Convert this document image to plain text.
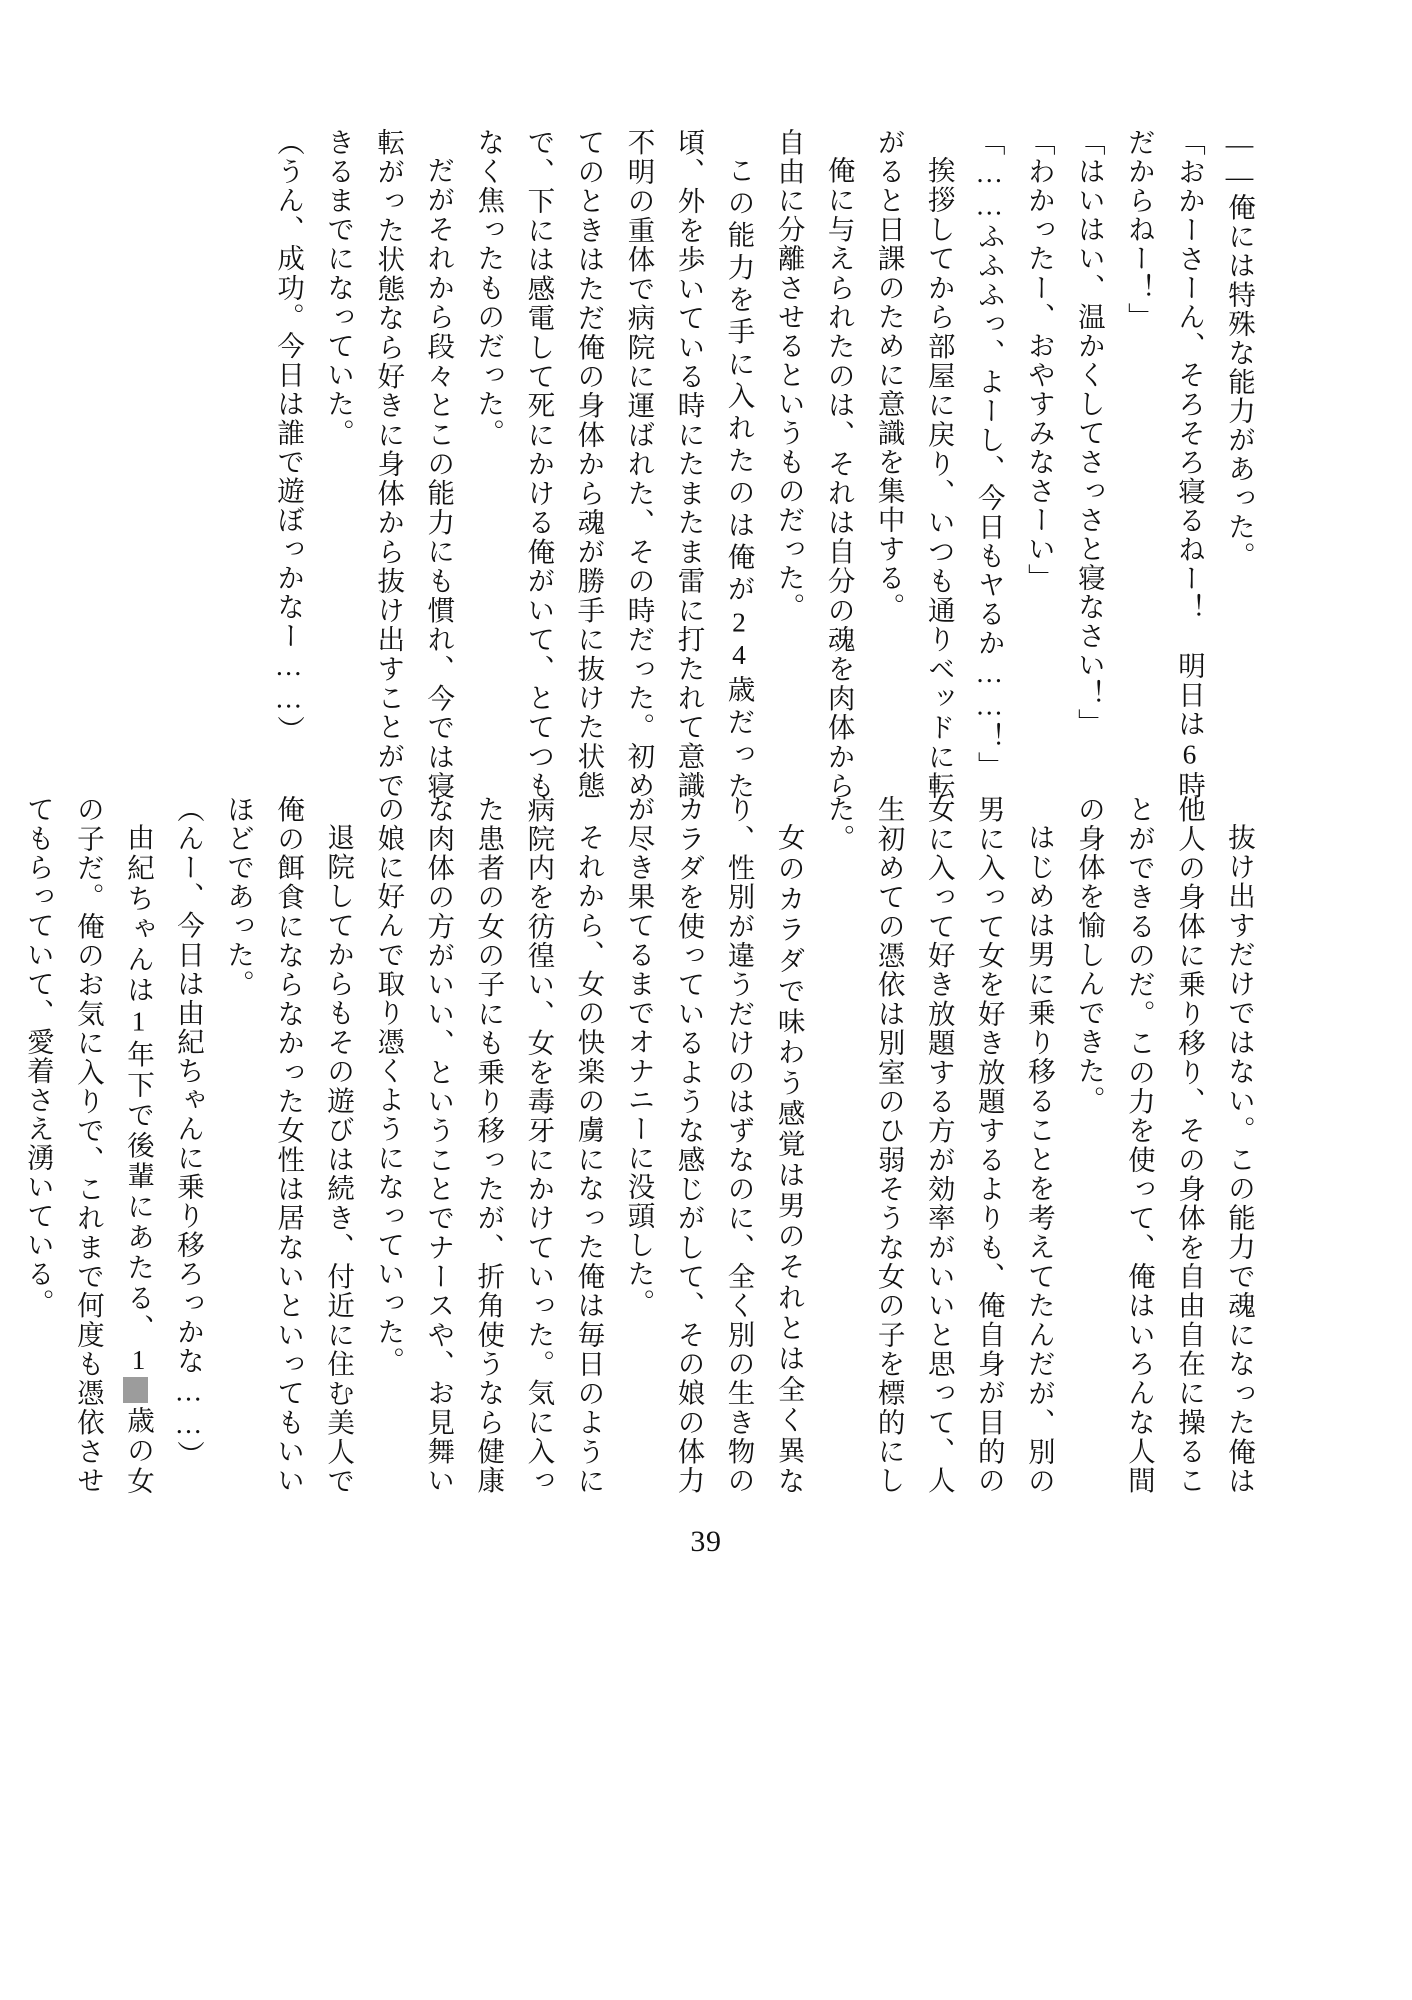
――俺には特殊な能力があった。

「おかーさーん、そろそろ寝るねー！　明日は6時だからねー！」

「はいはい、温かくしてさっさと寝なさい！」

「わかったー、おやすみなさーい」

「……ふふふっ、よーし、今日もヤるか……！」

挨拶してから部屋に戻り、いつも通りベッドに転がると日課のために意識を集中する。

俺に与えられたのは、それは自分の魂を肉体から自由に分離させるというものだった。

この能力を手に入れたのは俺が24歳だった頃、外を歩いている時にたまたま雷に打たれて意識不明の重体で病院に運ばれた、その時だった。初めてのときはただ俺の身体から魂が勝手に抜けた状態で、下には感電して死にかける俺がいて、とてつもなく焦ったものだった。

だがそれから段々とこの能力にも慣れ、今では寝転がった状態なら好きに身体から抜け出すことができるまでになっていた。

（うん、成功。今日は誰で遊ぼっかなー……）

抜け出すだけではない。この能力で魂になった俺は他人の身体に乗り移り、その身体を自由自在に操ることができるのだ。この力を使って、俺はいろんな人間の身体を愉しんできた。

はじめは男に乗り移ることを考えてたんだが、別の男に入って女を好き放題するよりも、俺自身が目的の女に入って好き放題する方が効率がいいと思って、人生初めての憑依は別室のひ弱そうな女の子を標的にした。

女のカラダで味わう感覚は男のそれとは全く異なり、性別が違うだけのはずなのに、全く別の生き物のカラダを使っているような感じがして、その娘の体力が尽き果てるまでオナニーに没頭した。

それから、女の快楽の虜になった俺は毎日のように病院内を彷徨い、女を毒牙にかけていった。気に入った患者の女の子にも乗り移ったが、折角使うなら健康な肉体の方がいい、ということでナースや、お見舞いの娘に好んで取り憑くようになっていった。

退院してからもその遊びは続き、付近に住む美人で俺の餌食にならなかった女性は居ないといってもいいほどであった。

（んー、今日は由紀ちゃんに乗り移ろっかな……）

由紀ちゃんは1年下で後輩にあたる、1歳の女の子だ。俺のお気に入りで、これまで何度も憑依させてもらっていて、愛着さえ湧いている。

39
